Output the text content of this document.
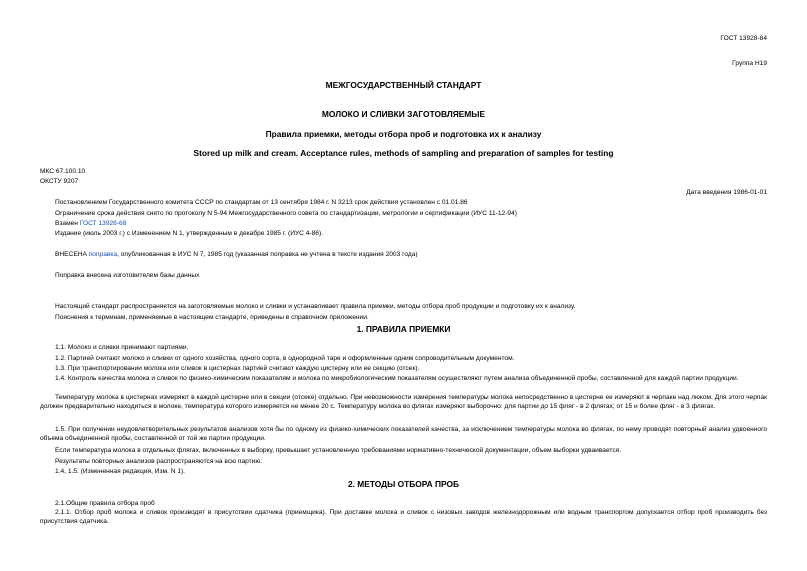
ГОСТ 13928-84
Группа Н19
МЕЖГОСУДАРСТВЕННЫЙ СТАНДАРТ
МОЛОКО И СЛИВКИ ЗАГОТОВЛЯЕМЫЕ
Правила приемки, методы отбора проб и подготовка их к анализу
Stored up milk and cream. Acceptance rules, methods of sampling and preparation of samples for testing
МКС 67.100.10
ОКСТУ 9207
Дата введения 1986-01-01
Постановлением Государственного комитета СССР по стандартам от 13 сентября 1984 г. N 3213 срок действия установлен с 01.01.86
Ограничение срока действия снято по протоколу N 5-94 Межгосударственного совета по стандартизации, метрологии и сертификации (ИУС 11-12-94)
Взамен ГОСТ 13928-68
Издание (июль 2003 г.) с Изменением N 1, утвержденным в декабре 1985 г. (ИУС 4-86).
ВНЕСЕНА поправка, опубликованная в ИУС N 7, 1985 год (указанная поправка не учтена в тексте издания 2003 года)
Поправка внесена изготовителем базы данных
Настоящий стандарт распространяется на заготовляемые молоко и сливки и устанавливает правила приемки, методы отбора проб продукции и подготовку их к анализу.
Пояснения к терминам, применяемые в настоящем стандарте, приведены в справочном приложении.
1. ПРАВИЛА ПРИЕМКИ
1.1. Молоко и сливки принимают партиями.
1.2. Партией считают молоко и сливки от одного хозяйства, одного сорта, в однородной таре и оформленные одним сопроводительным документом.
1.3. При транспортировании молока или сливок в цистернах партией считают каждую цистерну или ее секцию (отсек).
1.4. Контроль качества молока и сливок по физико-химическим показателям и молока по микробиологическим показателям осуществляют путем анализа объединенной пробы, составленной для каждой партии продукции.
Температуру молока в цистернах измеряют в каждой цистерне или в секции (отсеке) отдельно. При невозможности измерения температуры молока непосредственно в цистерне ее измеряют в черпаке над люком. Для этого черпак должен предварительно находиться в молоке, температура которого измеряется не менее 20 с. Температуру молока во флягах измеряют выборочно: для партии до 15 фляг - в 2 флягах; от 15 и более фляг - в 3 флягах.
1.5. При получении неудовлетворительных результатов анализов хотя бы по одному из физико-химических показателей качества, за исключением температуры молока во флягах, по нему проводят повторный анализ удвоенного объема объединенной пробы, составленной от той же партии продукции.
Если температура молока в отдельных флягах, включенных в выборку, превышает установленную требованиями нормативно-технической документации, объем выборки удваивается.
Результаты повторных анализов распространяются на всю партию.
1.4, 1.5. (Измененная редакция, Изм. N 1).
2. МЕТОДЫ ОТБОРА ПРОБ
2.1.Общие правила отбора проб
2.1.1. Отбор проб молока и сливок производят в присутствии сдатчика (приемщика). При доставке молока и сливок с низовых заводов железнодорожным или водным транспортом допускается отбор проб производить без присутствия сдатчика.
